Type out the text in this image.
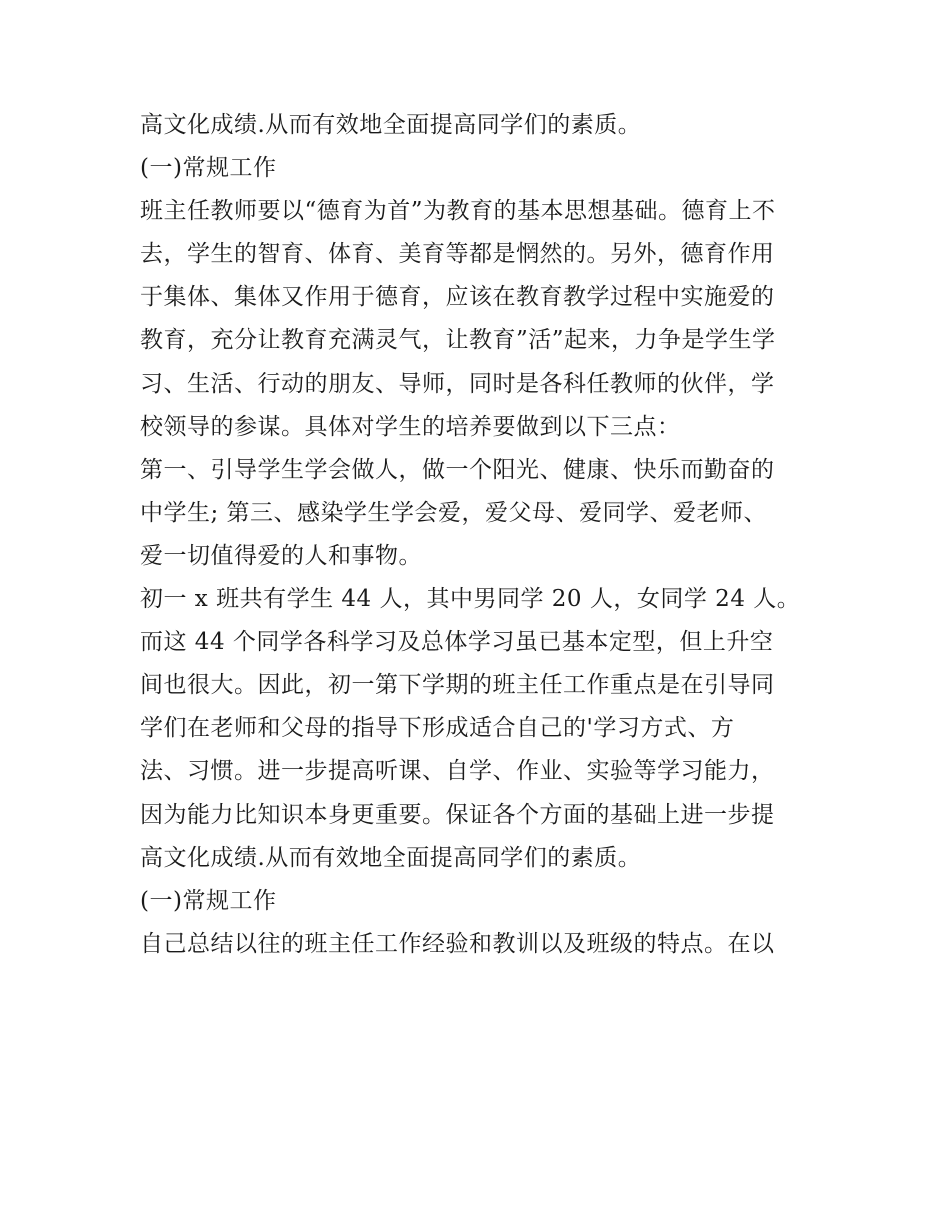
高文化成绩.从而有效地全面提高同学们的素质。
(一)常规工作
班主任教师要以“德育为首”为教育的基本思想基础。德育上不
去，学生的智育、体育、美育等都是惘然的。另外，德育作用
于集体、集体又作用于德育，应该在教育教学过程中实施爱的
教育，充分让教育充满灵气，让教育”活”起来，力争是学生学
习、生活、行动的朋友、导师，同时是各科任教师的伙伴，学
校领导的参谋。具体对学生的培养要做到以下三点：
第一、引导学生学会做人，做一个阳光、健康、快乐而勤奋的
中学生; 第三、感染学生学会爱，爱父母、爱同学、爱老师、
爱一切值得爱的人和事物。
初一 x 班共有学生 44 人，其中男同学 20 人，女同学 24 人。
而这 44 个同学各科学习及总体学习虽已基本定型，但上升空
间也很大。因此，初一第下学期的班主任工作重点是在引导同
学们在老师和父母的指导下形成适合自己的'学习方式、方
法、习惯。进一步提高听课、自学、作业、实验等学习能力，
因为能力比知识本身更重要。保证各个方面的基础上进一步提
高文化成绩.从而有效地全面提高同学们的素质。
(一)常规工作
自己总结以往的班主任工作经验和教训以及班级的特点。在以
